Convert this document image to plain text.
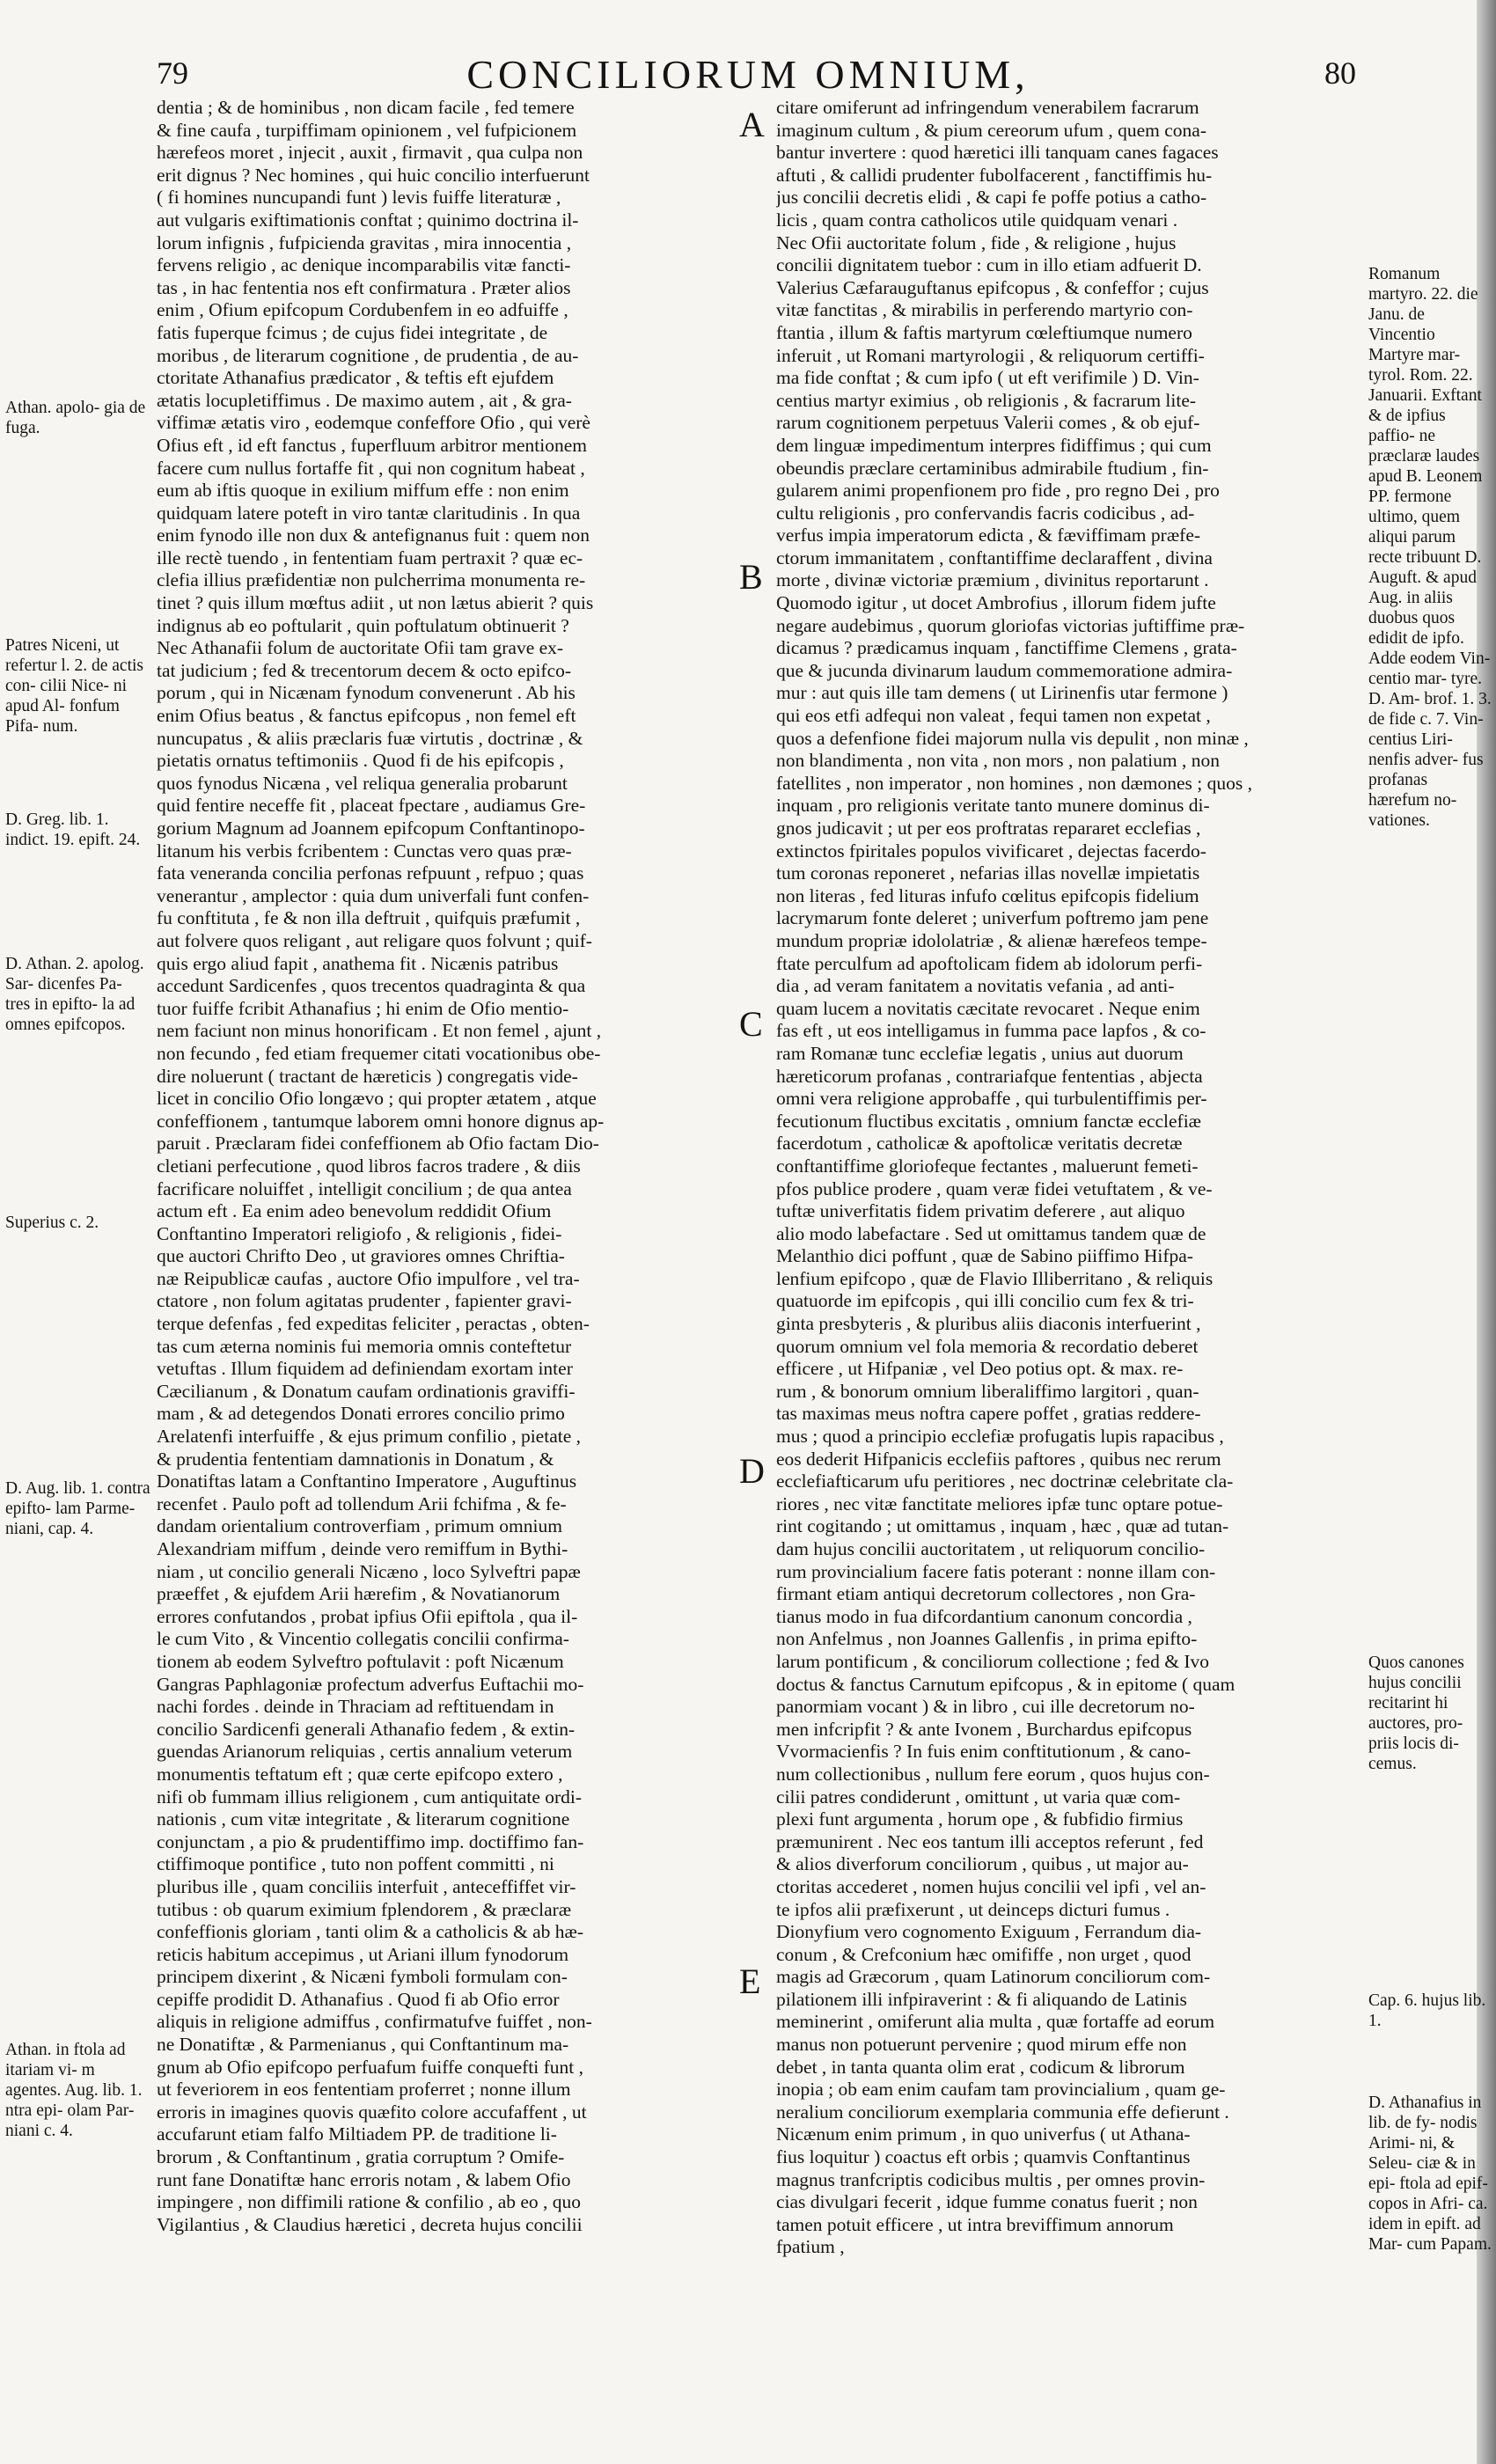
79	CONCILIORUM OMNIUM,	80
dentia ; & de hominibus , non dicam facile , fed temere
& fine caufa , turpiffimam opinionem , vel fufpicionem
hærefeos moret , injecit , auxit , firmavit , qua culpa non
erit dignus ? Nec homines , qui huic concilio interfuerunt
( fi homines nuncupandi funt ) levis fuiffe literaturæ ,
aut vulgaris exiftimationis conftat ; quinimo doctrina il-
lorum infignis , fufpicienda gravitas , mira innocentia ,
fervens religio , ac denique incomparabilis vitæ fancti-
tas , in hac fententia nos eft confirmatura . Præter alios
enim , Ofium epifcopum Cordubenfem in eo adfuiffe ,
fatis fuperque fcimus ; de cujus fidei integritate , de
moribus , de literarum cognitione , de prudentia , de au-
ctoritate Athanafius prædicator , & teftis eft ejufdem
ætatis locupletiffimus . De maximo autem , ait , & gra-
viffimæ ætatis viro , eodemque confeffore Ofio , qui verè
Ofius eft , id eft fanctus , fuperfluum arbitror mentionem
facere cum nullus fortaffe fit , qui non cognitum habeat ,
eum ab iftis quoque in exilium miffum effe : non enim
quidquam latere poteft in viro tantæ claritudinis . In qua
enim fynodo ille non dux & antefignanus fuit : quem non
ille rectè tuendo , in fententiam fuam pertraxit ? quæ ec-
clefia illius præfidentiæ non pulcherrima monumenta re-
tinet ? quis illum mœftus adiit , ut non lætus abierit ? quis
indignus ab eo poftularit , quin poftulatum obtinuerit ?
Nec Athanafii folum de auctoritate Ofii tam grave ex-
tat judicium ; fed & trecentorum decem & octo epifco-
porum , qui in Nicænam fynodum convenerunt . Ab his
enim Ofius beatus , & fanctus epifcopus , non femel eft
nuncupatus , & aliis præclaris fuæ virtutis , doctrinæ , &
pietatis ornatus teftimoniis . Quod fi de his epifcopis ,
quos fynodus Nicæna , vel reliqua generalia probarunt
quid fentire neceffe fit , placeat fpectare , audiamus Gre-
gorium Magnum ad Joannem epifcopum Conftantinopo-
litanum his verbis fcribentem : Cunctas vero quas præ-
fata veneranda concilia perfonas refpuunt , refpuo ; quas
venerantur , amplector : quia dum univerfali funt confen-
fu conftituta , fe & non illa deftruit , quifquis præfumit ,
aut folvere quos religant , aut religare quos folvunt ; quif-
quis ergo aliud fapit , anathema fit . Nicænis patribus
accedunt Sardicenfes , quos trecentos quadraginta & qua
tuor fuiffe fcribit Athanafius ; hi enim de Ofio mentio-
nem faciunt non minus honorificam . Et non femel , ajunt ,
non fecundo , fed etiam frequemer citati vocationibus obe-
dire noluerunt ( tractant de hæreticis ) congregatis vide-
licet in concilio Ofio longævo ; qui propter ætatem , atque
confeffionem , tantumque laborem omni honore dignus ap-
paruit . Præclaram fidei confeffionem ab Ofio factam Dio-
cletiani perfecutione , quod libros facros tradere , & diis
facrificare noluiffet , intelligit concilium ; de qua antea
actum eft . Ea enim adeo benevolum reddidit Ofium
Conftantino Imperatori religiofo , & religionis , fidei-
que auctori Chrifto Deo , ut graviores omnes Chriftia-
næ Reipublicæ caufas , auctore Ofio impulfore , vel tra-
ctatore , non folum agitatas prudenter , fapienter gravi-
terque defenfas , fed expeditas feliciter , peractas , obten-
tas cum æterna nominis fui memoria omnis conteftetur
vetuftas . Illum fiquidem ad definiendam exortam inter
Cæcilianum , & Donatum caufam ordinationis graviffi-
mam , & ad detegendos Donati errores concilio primo
Arelatenfi interfuiffe , & ejus primum confilio , pietate ,
& prudentia fententiam damnationis in Donatum , &
Donatiftas latam a Conftantino Imperatore , Auguftinus
recenfet . Paulo poft ad tollendum Arii fchifma , & fe-
dandam orientalium controverfiam , primum omnium
Alexandriam miffum , deinde vero remiffum in Bythi-
niam , ut concilio generali Nicæno , loco Sylveftri papæ
præeffet , & ejufdem Arii hærefim , & Novatianorum
errores confutandos , probat ipfius Ofii epiftola , qua il-
le cum Vito , & Vincentio collegatis concilii confirma-
tionem ab eodem Sylveftro poftulavit : poft Nicænum
Gangras Paphlagoniæ profectum adverfus Euftachii mo-
nachi fordes . deinde in Thraciam ad reftituendam in
concilio Sardicenfi generali Athanafio fedem , & extin-
guendas Arianorum reliquias , certis annalium veterum
monumentis teftatum eft ; quæ certe epifcopo extero ,
nifi ob fummam illius religionem , cum antiquitate ordi-
nationis , cum vitæ integritate , & literarum cognitione
conjunctam , a pio & prudentiffimo imp. doctiffimo fan-
ctiffimoque pontifice , tuto non poffent committi , ni
pluribus ille , quam conciliis interfuit , anteceffiffet vir-
tutibus : ob quarum eximium fplendorem , & præclaræ
confeffionis gloriam , tanti olim & a catholicis & ab hæ-
reticis habitum accepimus , ut Ariani illum fynodorum
principem dixerint , & Nicæni fymboli formulam con-
cepiffe prodidit D. Athanafius . Quod fi ab Ofio error
aliquis in religione admiffus , confirmatufve fuiffet , non-
ne Donatiftæ , & Parmenianus , qui Conftantinum ma-
gnum ab Ofio epifcopo perfuafum fuiffe conquefti funt ,
ut feveriorem in eos fententiam proferret ; nonne illum
erroris in imagines quovis quæfito colore accufaffent , ut
accufarunt etiam falfo Miltiadem PP. de traditione li-
brorum , & Conftantinum , gratia corruptum ? Omife-
runt fane Donatiftæ hanc erroris notam , & labem Ofio
impingere , non diffimili ratione & confilio , ab eo , quo
Vigilantius , & Claudius hæretici , decreta hujus concilii
citare omiferunt ad infringendum venerabilem facrarum
imaginum cultum , & pium cereorum ufum , quem cona-
bantur invertere : quod hæretici illi tanquam canes fagaces
aftuti , & callidi prudenter fubolfacerent , fanctiffimis hu-
jus concilii decretis elidi , & capi fe poffe potius a catho-
licis , quam contra catholicos utile quidquam venari .
Nec Ofii auctoritate folum , fide , & religione , hujus
concilii dignitatem tuebor : cum in illo etiam adfuerit D.
Valerius Cæfarauguftanus epifcopus , & confeffor ; cujus
vitæ fanctitas , & mirabilis in perferendo martyrio con-
ftantia , illum & faftis martyrum cœleftiumque numero
inferuit , ut Romani martyrologii , & reliquorum certiffi-
ma fide conftat ; & cum ipfo ( ut eft verifimile ) D. Vin-
centius martyr eximius , ob religionis , & facrarum lite-
rarum cognitionem perpetuus Valerii comes , & ob ejuf-
dem linguæ impedimentum interpres fidiffimus ; qui cum
obeundis præclare certaminibus admirabile ftudium , fin-
gularem animi propenfionem pro fide , pro regno Dei , pro
cultu religionis , pro confervandis facris codicibus , ad-
verfus impia imperatorum edicta , & fæviffimam præfe-
ctorum immanitatem , conftantiffime declaraffent , divina
morte , divinæ victoriæ præmium , divinitus reportarunt .
Quomodo igitur , ut docet Ambrofius , illorum fidem jufte
negare audebimus , quorum gloriofas victorias juftiffime præ-
dicamus ? prædicamus inquam , fanctiffime Clemens , grata-
que & jucunda divinarum laudum commemoratione admira-
mur : aut quis ille tam demens ( ut Lirinenfis utar fermone )
qui eos etfi adfequi non valeat , fequi tamen non expetat ,
quos a defenfione fidei majorum nulla vis depulit , non minæ ,
non blandimenta , non vita , non mors , non palatium , non
fatellites , non imperator , non homines , non dæmones ; quos ,
inquam , pro religionis veritate tanto munere dominus di-
gnos judicavit ; ut per eos proftratas repararet ecclefias ,
extinctos fpiritales populos vivificaret , dejectas facerdo-
tum coronas reponeret , nefarias illas novellæ impietatis
non literas , fed lituras infufo cœlitus epifcopis fidelium
lacrymarum fonte deleret ; univerfum poftremo jam pene
mundum propriæ idololatriæ , & alienæ hærefeos tempe-
ftate perculfum ad apoftolicam fidem ab idolorum perfi-
dia , ad veram fanitatem a novitatis vefania , ad anti-
quam lucem a novitatis cæcitate revocaret . Neque enim
fas eft , ut eos intelligamus in fumma pace lapfos , & co-
ram Romanæ tunc ecclefiæ legatis , unius aut duorum
hæreticorum profanas , contrariafque fententias , abjecta
omni vera religione approbaffe , qui turbulentiffimis per-
fecutionum fluctibus excitatis , omnium fanctæ ecclefiæ
facerdotum , catholicæ & apoftolicæ veritatis decretæ
conftantiffime gloriofeque fectantes , maluerunt femeti-
pfos publice prodere , quam veræ fidei vetuftatem , & ve-
tuftæ univerfitatis fidem privatim deferere , aut aliquo
alio modo labefactare . Sed ut omittamus tandem quæ de
Melanthio dici poffunt , quæ de Sabino piiffimo Hifpa-
lenfium epifcopo , quæ de Flavio Illiberritano , & reliquis
quatuorde im epifcopis , qui illi concilio cum fex & tri-
ginta presbyteris , & pluribus aliis diaconis interfuerint ,
quorum omnium vel fola memoria & recordatio deberet
efficere , ut Hifpaniæ , vel Deo potius opt. & max. re-
rum , & bonorum omnium liberaliffimo largitori , quan-
tas maximas meus noftra capere poffet , gratias reddere-
mus ; quod a principio ecclefiæ profugatis lupis rapacibus ,
eos dederit Hifpanicis ecclefiis paftores , quibus nec rerum
ecclefiafticarum ufu peritiores , nec doctrinæ celebritate cla-
riores , nec vitæ fanctitate meliores ipfæ tunc optare potue-
rint cogitando ; ut omittamus , inquam , hæc , quæ ad tutan-
dam hujus concilii auctoritatem , ut reliquorum concilio-
rum provincialium facere fatis poterant : nonne illam con-
firmant etiam antiqui decretorum collectores , non Gra-
tianus modo in fua difcordantium canonum concordia ,
non Anfelmus , non Joannes Gallenfis , in prima epifto-
larum pontificum , & conciliorum collectione ; fed & Ivo
doctus & fanctus Carnutum epifcopus , & in epitome ( quam
panormiam vocant ) & in libro , cui ille decretorum no-
men infcripfit ? & ante Ivonem , Burchardus epifcopus
Vvormacienfis ? In fuis enim conftitutionum , & cano-
num collectionibus , nullum fere eorum , quos hujus con-
cilii patres condiderunt , omittunt , ut varia quæ com-
plexi funt argumenta , horum ope , & fubfidio firmius
præmunirent . Nec eos tantum illi acceptos referunt , fed
& alios diverforum conciliorum , quibus , ut major au-
ctoritas accederet , nomen hujus concilii vel ipfi , vel an-
te ipfos alii præfixerunt , ut deinceps dicturi fumus .
Dionyfium vero cognomento Exiguum , Ferrandum dia-
conum , & Crefconium hæc omififfe , non urget , quod
magis ad Græcorum , quam Latinorum conciliorum com-
pilationem illi infpiraverint : & fi aliquando de Latinis
meminerint , omiferunt alia multa , quæ fortaffe ad eorum
manus non potuerunt pervenire ; quod mirum effe non
debet , in tanta quanta olim erat , codicum & librorum
inopia ; ob eam enim caufam tam provincialium , quam ge-
neralium conciliorum exemplaria communia effe defierunt .
Nicænum enim primum , in quo univerfus ( ut Athana-
fius loquitur ) coactus eft orbis ; quamvis Conftantinus
magnus tranfcriptis codicibus multis , per omnes provin-
cias divulgari fecerit , idque fumme conatus fuerit ; non
tamen potuit efficere , ut intra breviffimum annorum
fpatium ,
A
B
C
D
E
Athan. apolo- gia de fuga.
Patres Niceni, ut refertur l. 2. de actis con- cilii Nice- ni apud Al- fonfum Pifa- num.
D. Greg. lib. 1. indict. 19. epift. 24.
D. Athan. 2. apolog. Sar- dicenfes Pa- tres in epifto- la ad omnes epifcopos.
Superius c. 2.
D. Aug. lib. 1. contra epifto- lam Parme- niani, cap. 4.
Athan. in ftola ad itariam vi- m agentes. Aug. lib. 1. ntra epi- olam Par- niani c. 4.
Romanum martyro. 22. die Janu. de Vincentio Martyre mar- tyrol. Rom. 22. Januarii. Exftant & de ipfius paffio- ne præclaræ laudes apud B. Leonem PP. fermone ultimo, quem aliqui parum recte tribuunt D. Auguft. & apud Aug. in aliis duobus quos edidit de ipfo. Adde eodem Vin- centio mar- tyre. D. Am- brof. 1. 3. de fide c. 7. Vin- centius Liri- nenfis adver- fus profanas hærefum no- vationes.
Quos canones hujus concilii recitarint hi auctores, pro- priis locis di- cemus.
Cap. 6. hujus lib. 1.
D. Athanafius in lib. de fy- nodis Arimi- ni, & Seleu- ciæ & in epi- ftola ad epif- copos in Afri- ca. idem in epift. ad Mar- cum Papam.
